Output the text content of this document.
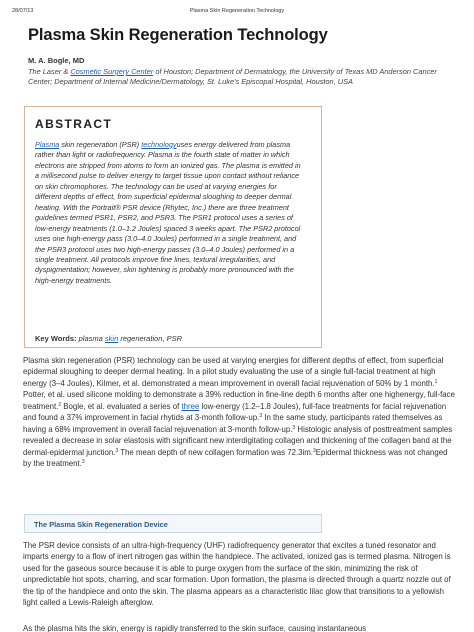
28/07/13	Plasma Skin Regeneration Technology
Plasma Skin Regeneration Technology
M. A. Bogle, MD
The Laser & Cosmetic Surgery Center of Houston; Department of Dermatology, the University of Texas MD Anderson Cancer Center; Department of Internal Medicine/Dermatology, St. Luke's Episcopal Hospital, Houston, USA
ABSTRACT
Plasma skin regeneration (PSR) technologyuses energy delivered from plasma rather than light or radiofrequency. Plasma is the fourth state of matter in which electrons are stripped from atoms to form an ionized gas. The plasma is emitted in a millisecond pulse to deliver energy to target tissue upon contact without reliance on skin chromophores. The technology can be used at varying energies for different depths of effect, from superficial epidermal sloughing to deeper dermal heating. With the Portrait® PSR device (Rhytec, Inc.) there are three treatment guidelines termed PSR1, PSR2, and PSR3. The PSR1 protocol uses a series of low-energy treatments (1.0–1.2 Joules) spaced 3 weeks apart. The PSR2 protocol uses one high-energy pass (3.0–4.0 Joules) performed in a single treatment, and the PSR3 protocol uses two high-energy passes (3.0–4.0 Joules) performed in a single treatment. All protocols improve fine lines, textural irregularities, and dyspigmentation; however, skin tightening is probably more pronounced with the high-energy treatments.
Key Words: plasma skin regeneration, PSR
Plasma skin regeneration (PSR) technology can be used at varying energies for different depths of effect, from superficial epidermal sloughing to deeper dermal heating. In a pilot study evaluating the use of a single full-facial treatment at high energy (3–4 Joules), Kilmer, et al. demonstrated a mean improvement in overall facial rejuvenation of 50% by 1 month.$^1$ Potter, et al. used silicone molding to demonstrate a 39% reduction in fine-line depth 6 months after one highenergy, full-face treatment.$^2$ Bogle, et al. evaluated a series of three low-energy (1.2–1.8 Joules), full-face treatments for facial rejuvenation and found a 37% improvement in facial rhytids at 3-month follow-up.$^3$ In the same study, participants rated themselves as having a 68% improvement in overall facial rejuvenation at 3-month follow-up.$^3$ Histologic analysis of posttreatment samples revealed a decrease in solar elastosis with significant new interdigitating collagen and thickening of the collagen band at the dermal-epidermal junction.$^3$ The mean depth of new collagen formation was 72.3im.$^3$Epidermal thickness was not changed by the treatment.$^3$
The Plasma Skin Regeneration Device
The PSR device consists of an ultra-high-frequency (UHF) radiofrequency generator that excites a tuned resonator and imparts energy to a flow of inert nitrogen gas within the handpiece. The activated, ionized gas is termed plasma. Nitrogen is used for the gaseous source because it is able to purge oxygen from the surface of the skin, minimizing the risk of unpredictable hot spots, charring, and scar formation. Upon formation, the plasma is directed through a quartz nozzle out of the tip of the handpiece and onto the skin. The plasma appears as a characteristic lilac glow that transitions to a yellowish light called a Lewis-Raleigh afterglow.
As the plasma hits the skin, energy is rapidly transferred to the skin surface, causing instantaneous
